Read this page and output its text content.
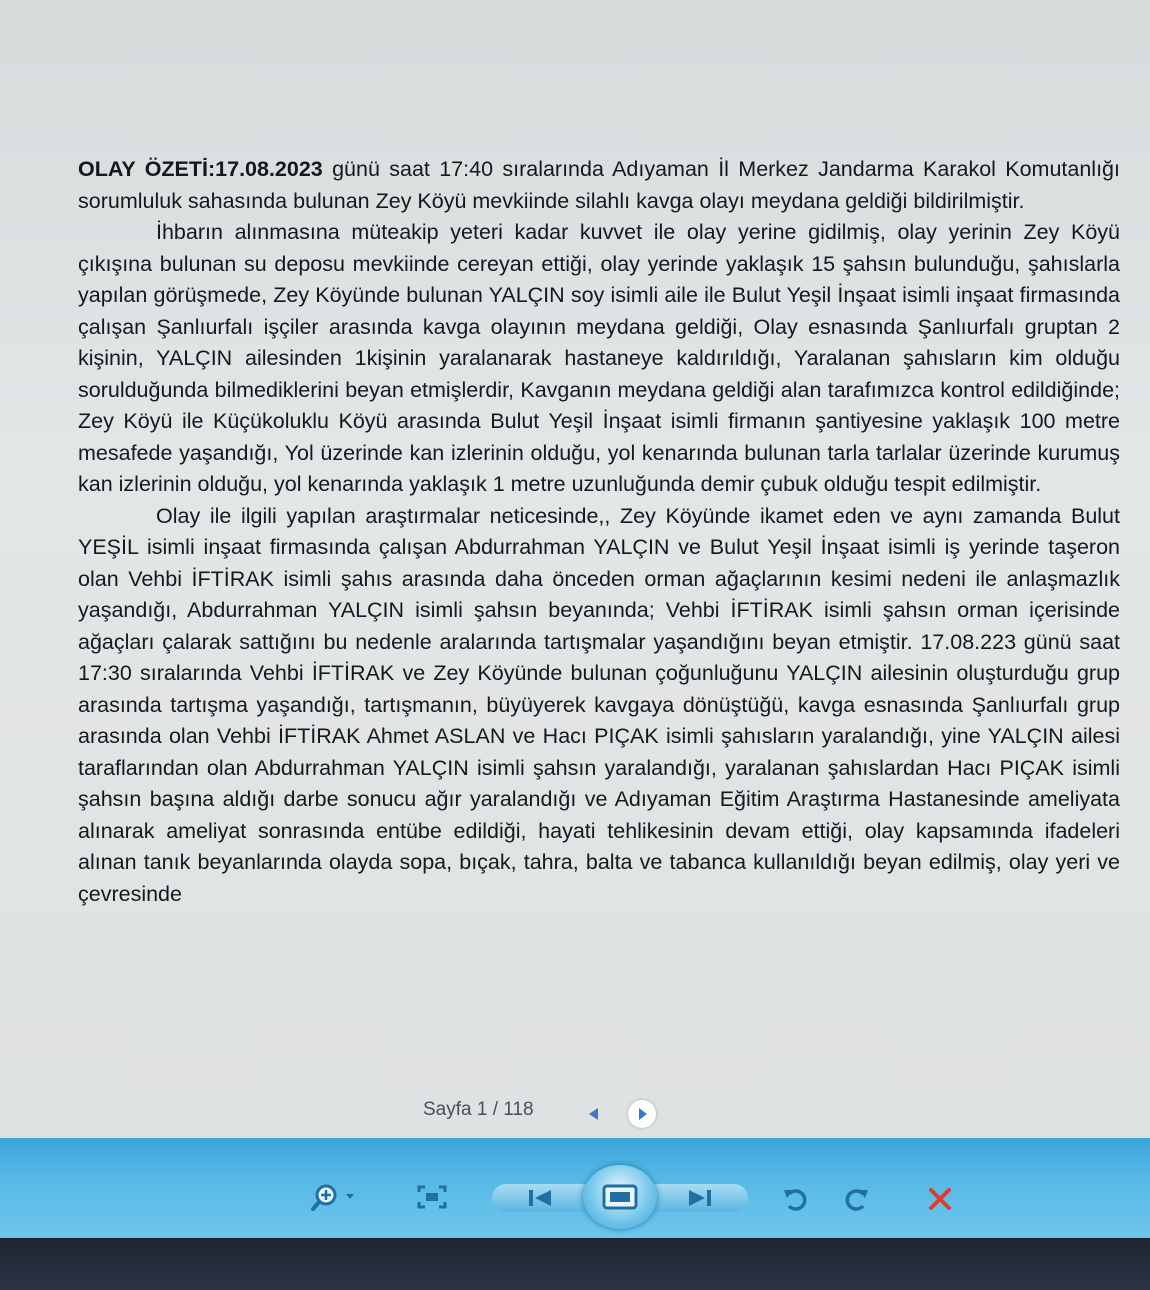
OLAY ÖZETİ:17.08.2023 günü saat 17:40 sıralarında Adıyaman İl Merkez Jandarma Karakol Komutanlığı sorumluluk sahasında bulunan Zey Köyü mevkiinde silahlı kavga olayı meydana geldiği bildirilmiştir.

İhbarın alınmasına müteakip yeteri kadar kuvvet ile olay yerine gidilmiş, olay yerinin Zey Köyü çıkışına bulunan su deposu mevkiinde cereyan ettiği, olay yerinde yaklaşık 15 şahsın bulunduğu, şahıslarla yapılan görüşmede, Zey Köyünde bulunan YALÇIN soy isimli aile ile Bulut Yeşil İnşaat isimli inşaat firmasında çalışan Şanlıurfalı işçiler arasında kavga olayının meydana geldiği, Olay esnasında Şanlıurfalı gruptan 2 kişinin, YALÇIN ailesinden 1kişinin yaralanarak hastaneye kaldırıldığı, Yaralanan şahısların kim olduğu sorulduğunda bilmediklerini beyan etmişlerdir, Kavganın meydana geldiği alan tarafımızca kontrol edildiğinde; Zey Köyü ile Küçükoluklu Köyü arasında Bulut Yeşil İnşaat isimli firmanın şantiyesine yaklaşık 100 metre mesafede yaşandığı, Yol üzerinde kan izlerinin olduğu, yol kenarında bulunan tarla tarlalar üzerinde kurumuş kan izlerinin olduğu, yol kenarında yaklaşık 1 metre uzunluğunda demir çubuk olduğu tespit edilmiştir.

Olay ile ilgili yapılan araştırmalar neticesinde,, Zey Köyünde ikamet eden ve aynı zamanda Bulut YEŞİL isimli inşaat firmasında çalışan Abdurrahman YALÇIN ve Bulut Yeşil İnşaat isimli iş yerinde taşeron olan Vehbi İFTİRAK isimli şahıs arasında daha önceden orman ağaçlarının kesimi nedeni ile anlaşmazlık yaşandığı, Abdurrahman YALÇIN isimli şahsın beyanında; Vehbi İFTİRAK isimli şahsın orman içerisinde ağaçları çalarak sattığını bu nedenle aralarında tartışmalar yaşandığını beyan etmiştir. 17.08.223 günü saat 17:30 sıralarında Vehbi İFTİRAK ve Zey Köyünde bulunan çoğunluğunu YALÇIN ailesinin oluşturduğu grup arasında tartışma yaşandığı, tartışmanın, büyüyerek kavgaya dönüştüğü, kavga esnasında Şanlıurfalı grup arasında olan Vehbi İFTİRAK Ahmet ASLAN ve Hacı PIÇAK isimli şahısların yaralandığı, yine YALÇIN ailesi taraflarından olan Abdurrahman YALÇIN isimli şahsın yaralandığı, yaralanan şahıslardan Hacı PIÇAK isimli şahsın başına aldığı darbe sonucu ağır yaralandığı ve Adıyaman Eğitim Araştırma Hastanesinde ameliyata alınarak ameliyat sonrasında entübe edildiği, hayati tehlikesinin devam ettiği, olay kapsamında ifadeleri alınan tanık beyanlarında olayda sopa, bıçak, tahra, balta ve tabanca kullanıldığı beyan edilmiş, olay yeri ve çevresinde

Sayfa 1 / 118
